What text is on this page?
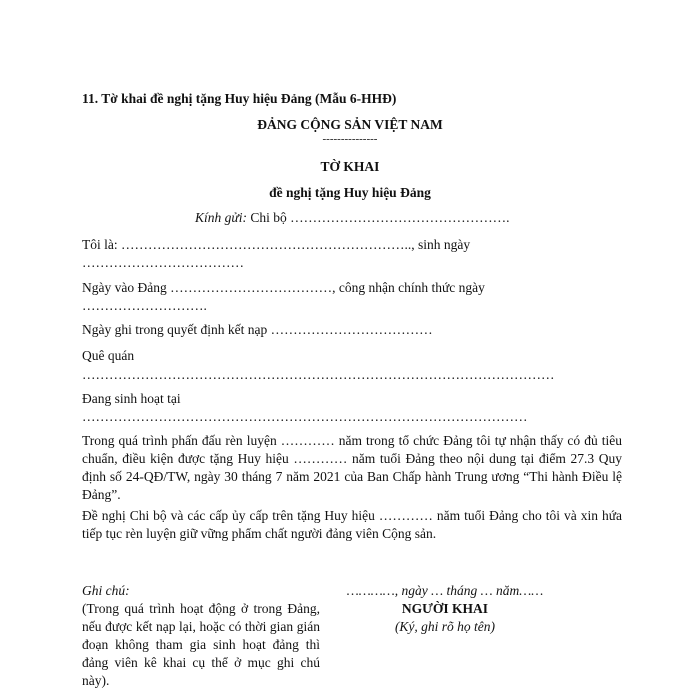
11. Tờ khai đề nghị tặng Huy hiệu Đảng (Mẫu 6-HHĐ)
ĐẢNG CỘNG SẢN VIỆT NAM
---------------
TỜ KHAI
đề nghị tặng Huy hiệu Đảng
Kính gửi: Chi bộ ………………………………………….
Tôi là: ……………………………………………………….., sinh ngày
………………………………
Ngày vào Đảng ………………………………, công nhận chính thức ngày
……………………….
Ngày ghi trong quyết định kết nạp ………………………………
Quê quán
……………………………………………………………………………………………
Đang sinh hoạt tại
………………………………………………………………………………………
Trong quá trình phấn đấu rèn luyện ………… năm trong tổ chức Đảng tôi tự nhận thấy có đủ tiêu chuẩn, điều kiện được tặng Huy hiệu ………… năm tuổi Đảng theo nội dung tại điểm 27.3 Quy định số 24-QĐ/TW, ngày 30 tháng 7 năm 2021 của Ban Chấp hành Trung ương “Thi hành Điều lệ Đảng”.
Đề nghị Chi bộ và các cấp ủy cấp trên tặng Huy hiệu ………… năm tuổi Đảng cho tôi và xin hứa tiếp tục rèn luyện giữ vững phẩm chất người đảng viên Cộng sản.
Ghi chú:
(Trong quá trình hoạt động ở trong Đảng, nếu được kết nạp lại, hoặc có thời gian gián đoạn không tham gia sinh hoạt đảng thì đảng viên kê khai cụ thể ở mục ghi chú này).
…………, ngày … tháng … năm……
NGƯỜI KHAI
(Ký, ghi rõ họ tên)
